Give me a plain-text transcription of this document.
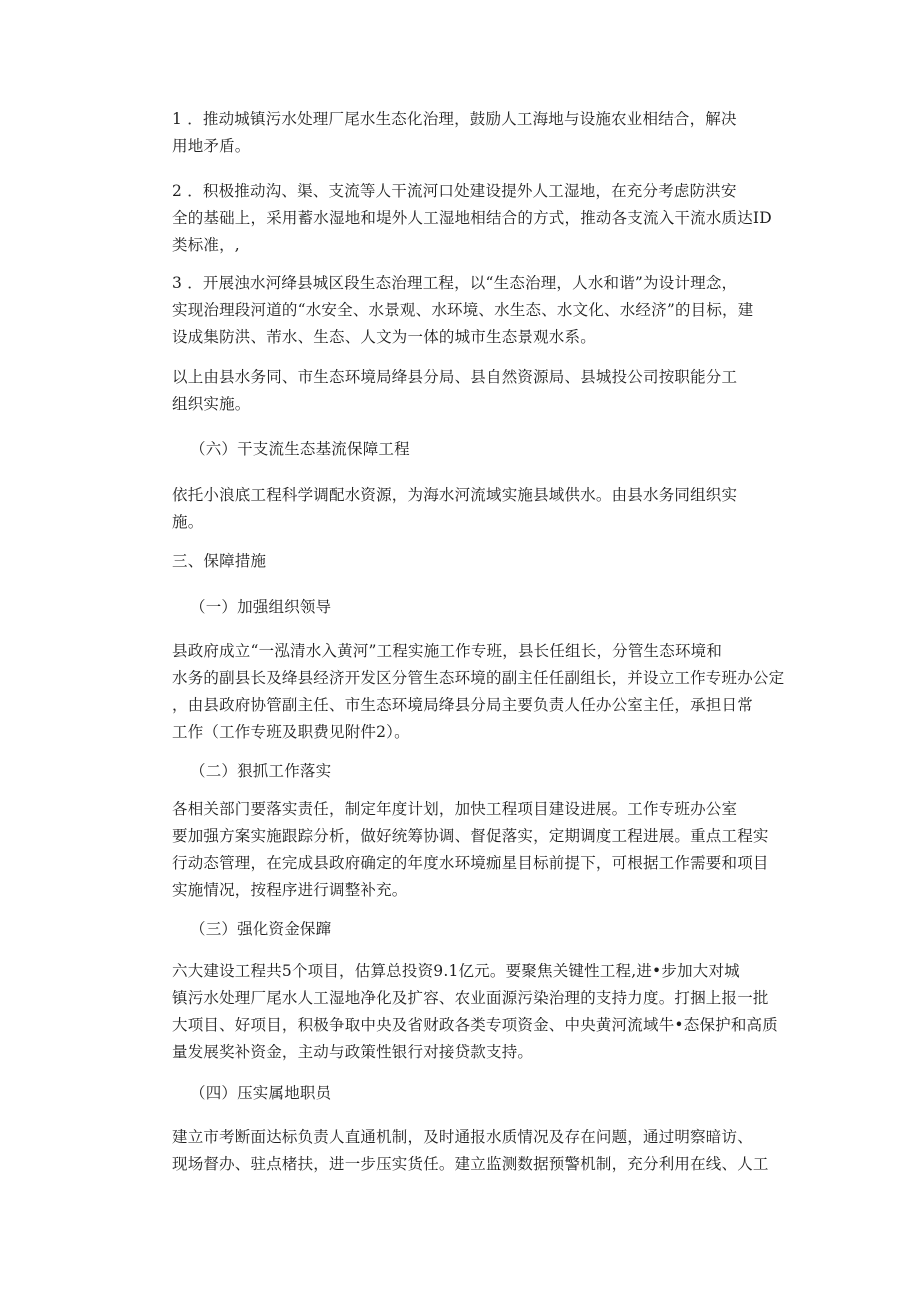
1 ．推动城镇污水处理厂尾水生态化治理，鼓励人工海地与设施农业相结合，解决
用地矛盾。
2 ．积极推动沟、渠、支流等人干流河口处建设提外人工湿地，在充分考虑防洪安
全的基础上，采用蓄水湿地和堤外人工湿地相结合的方式，推动各支流入干流水质达ID
类标准，,
3 ．开展浊水河绛县城区段生态治理工程，以“生态治理，人水和谐”为设计理念，
实现治理段河道的“水安全、水景观、水环境、水生态、水文化、水经济”的目标，建
设成集防洪、芾水、生态、人文为一体的城市生态景观水系。
以上由县水务同、市生态环境局绛县分局、县自然资源局、县城投公司按职能分工
组织实施。
（六）干支流生态基流保障工程
依托小浪底工程科学调配水资源，为海水河流域实施县域供水。由县水务同组织实
施。
三、保障措施
（一）加强组织领导
县政府成立“一泓清水入黄河”工程实施工作专班，县长任组长，分管生态环境和
水务的副县长及绛县经济开发区分管生态环境的副主任任副组长，并设立工作专班办公定
，由县政府协管副主任、市生态环境局绛县分局主要负责人任办公室主任，承担日常
工作（工作专班及职费见附件2）。
（二）狠抓工作落实
各相关部门要落实责任，制定年度计划，加快工程项目建设进展。工作专班办公室
要加强方案实施跟踪分析，做好统筹协调、督促落实，定期调度工程进展。重点工程实
行动态管理，在完成县政府确定的年度水环境痂星目标前提下，可根据工作需要和项目
实施情况，按程序进行调整补充。
（三）强化资金保蹿
六大建设工程共5个项目，估算总投资9.1亿元。要聚焦关键性工程,进•步加大对城
镇污水处理厂尾水人工湿地净化及扩容、农业面源污染治理的支持力度。打捆上报一批
大项目、好项目，积极争取中央及省财政各类专项资金、中央黄河流域牛•态保护和高质
量发展奖补资金，主动与政策性银行对接贷款支持。
（四）压实属地职员
建立市考断面达标负责人直通机制，及时通报水质情况及存在问题，通过明察暗访、
现场督办、驻点楮扶，进一步压实货任。建立监测数据预警机制，充分利用在线、人工
